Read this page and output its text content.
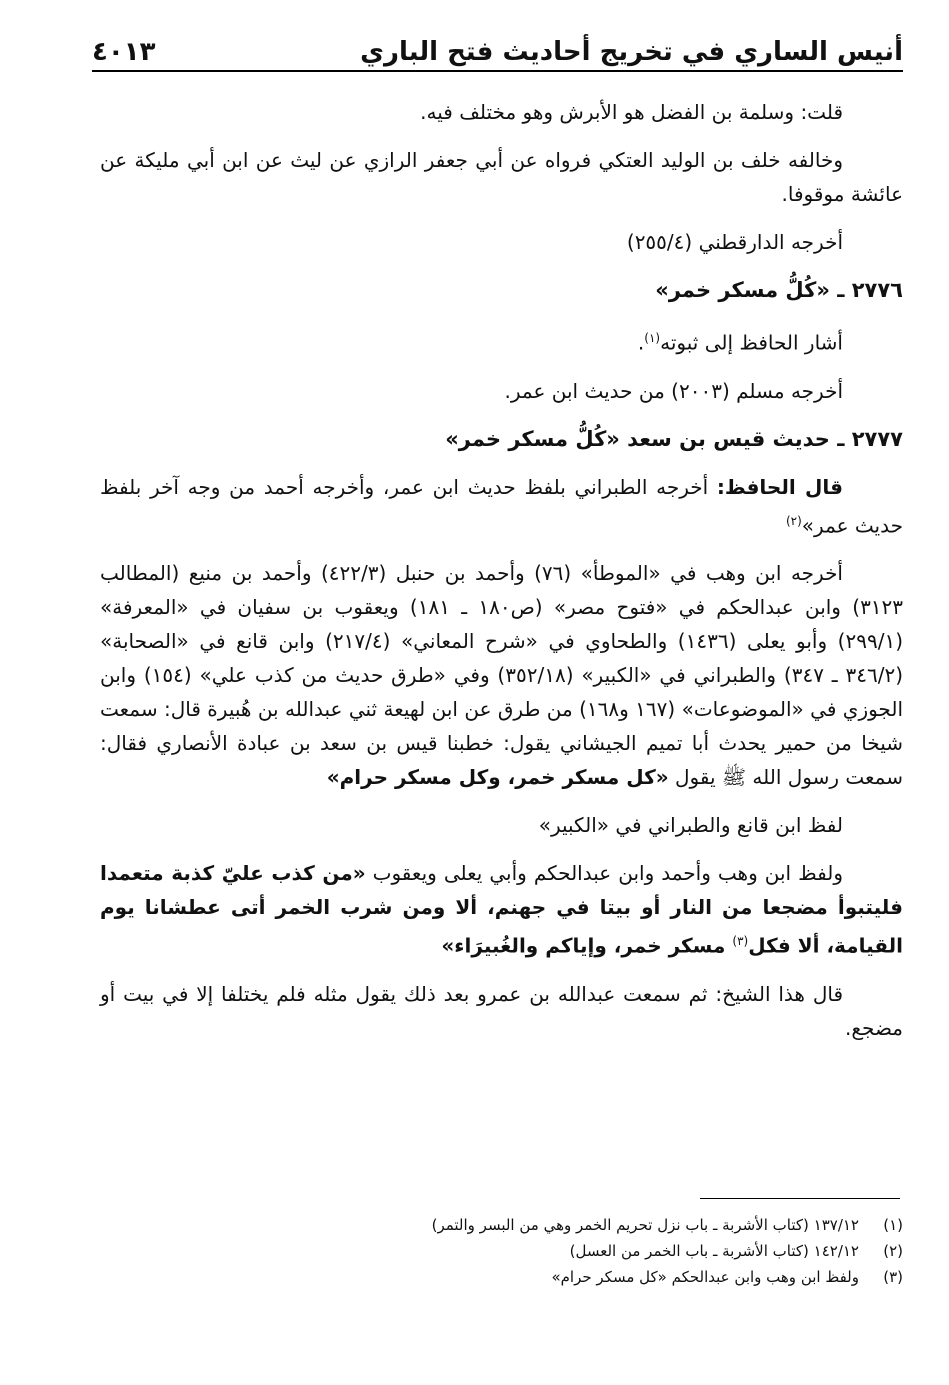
أنيس الساري في تخريج أحاديث فتح الباري
٤٠١٣

قلت: وسلمة بن الفضل هو الأبرش وهو مختلف فيه.

وخالفه خلف بن الوليد العتكي فرواه عن أبي جعفر الرازي عن ليث عن ابن أبي مليكة عن عائشة موقوفا.

أخرجه الدارقطني (٢٥٥/٤)

٢٧٧٦ ـ «كُلُّ مسكر خمر»

أشار الحافظ إلى ثبوته$^{(١)}$.

أخرجه مسلم (٢٠٠٣) من حديث ابن عمر.

٢٧٧٧ ـ حديث قيس بن سعد «كُلُّ مسكر خمر»

قال الحافظ: أخرجه الطبراني بلفظ حديث ابن عمر، وأخرجه أحمد من وجه آخر بلفظ حديث عمر»$^{(٢)}$

أخرجه ابن وهب في «الموطأ» (٧٦) وأحمد بن حنبل (٤٢٢/٣) وأحمد بن منيع (المطالب ٣١٢٣) وابن عبدالحكم في «فتوح مصر» (ص١٨٠ ـ ١٨١) ويعقوب بن سفيان في «المعرفة» (٢٩٩/١) وأبو يعلى (١٤٣٦) والطحاوي في «شرح المعاني» (٢١٧/٤) وابن قانع في «الصحابة» (٣٤٦/٢ ـ ٣٤٧) والطبراني في «الكبير» (٣٥٢/١٨) وفي «طرق حديث من كذب علي» (١٥٤) وابن الجوزي في «الموضوعات» (١٦٧ و١٦٨) من طرق عن ابن لهيعة ثني عبدالله بن هُبيرة قال: سمعت شيخا من حمير يحدث أبا تميم الجيشاني يقول: خطبنا قيس بن سعد بن عبادة الأنصاري فقال: سمعت رسول الله ﷺ يقول «كل مسكر خمر، وكل مسكر حرام»

لفظ ابن قانع والطبراني في «الكبير»

ولفظ ابن وهب وأحمد وابن عبدالحكم وأبي يعلى ويعقوب «من كذب عليّ كذبة متعمدا فليتبوأ مضجعا من النار أو بيتا في جهنم، ألا ومن شرب الخمر أتى عطشانا يوم القيامة، ألا فكل$^{(٣)}$ مسكر خمر، وإياكم والغُبيرَاء»

قال هذا الشيخ: ثم سمعت عبدالله بن عمرو بعد ذلك يقول مثله فلم يختلفا إلا في بيت أو مضجع.

(١)
١٣٧/١٢ (كتاب الأشربة ـ باب نزل تحريم الخمر وهي من البسر والتمر)
(٢)
١٤٢/١٢ (كتاب الأشربة ـ باب الخمر من العسل)
(٣)
ولفظ ابن وهب وابن عبدالحكم «كل مسكر حرام»
